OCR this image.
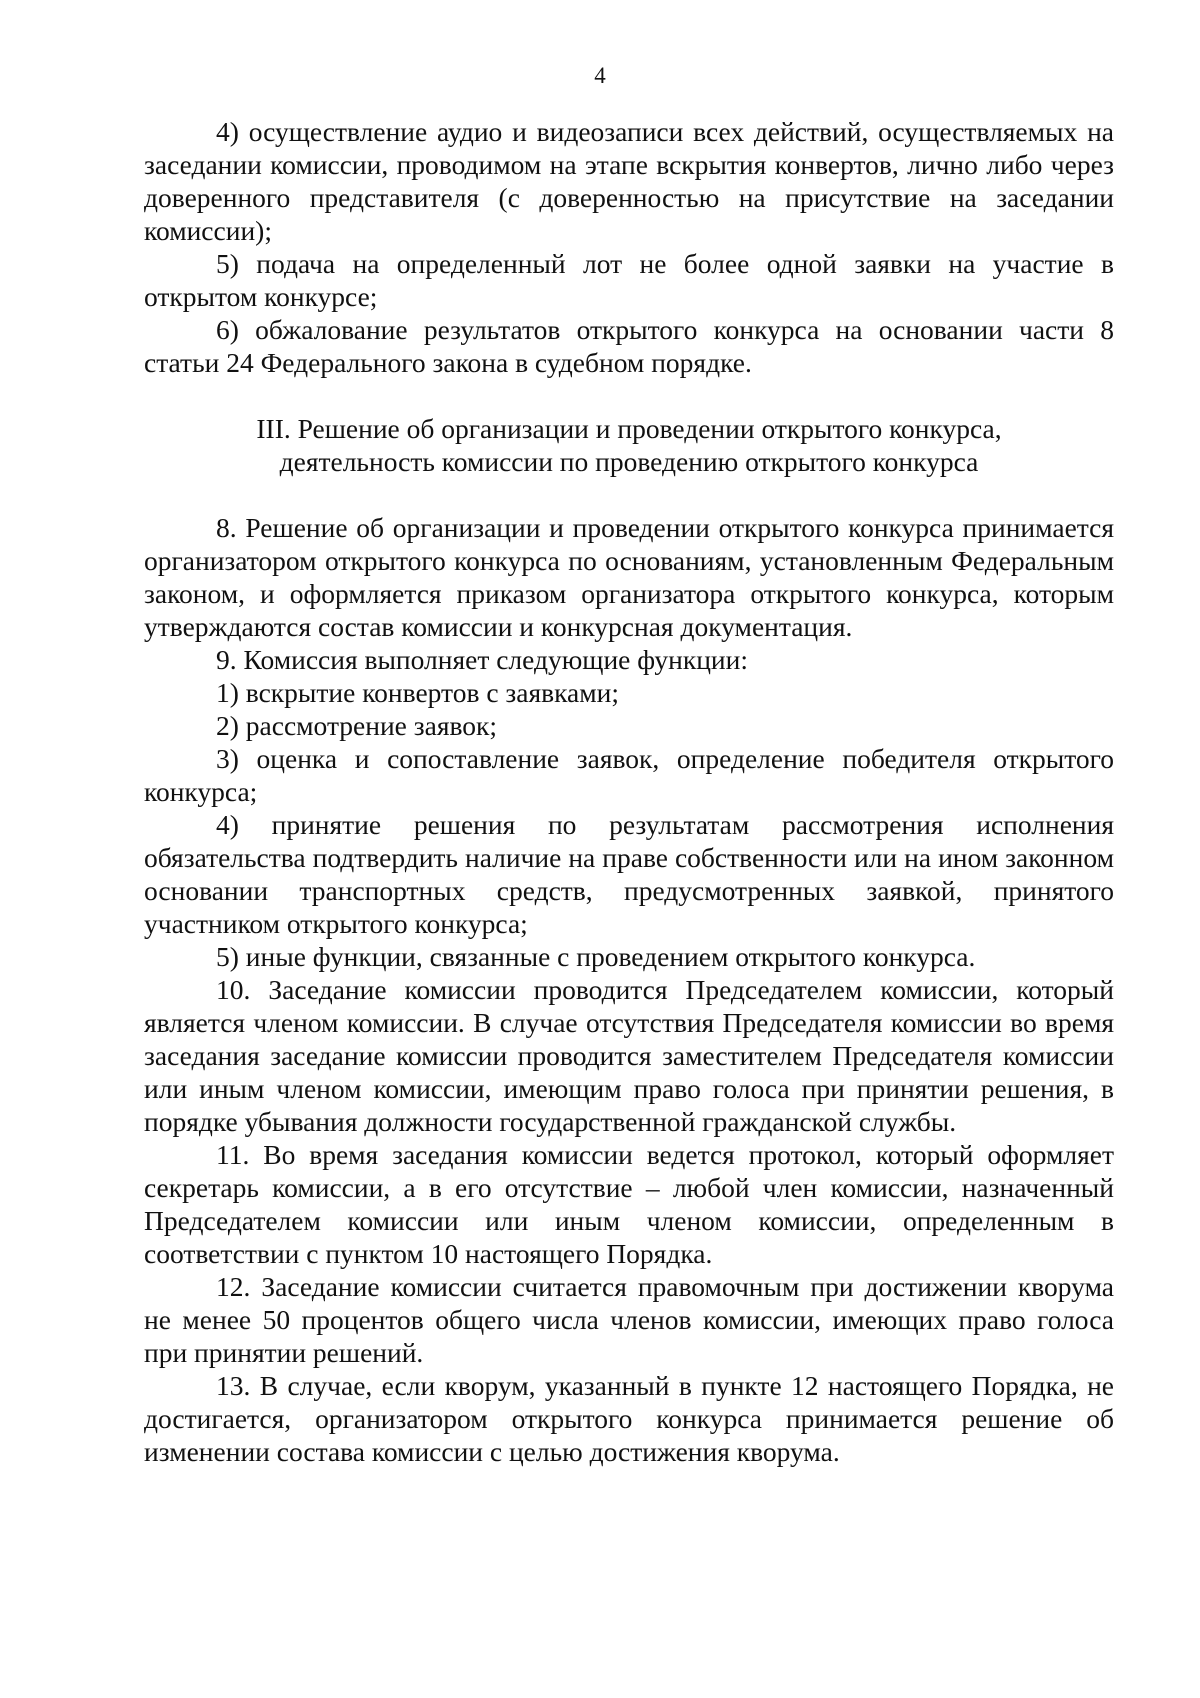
4

4) осуществление аудио и видеозаписи всех действий, осуществляемых на заседании комиссии, проводимом на этапе вскрытия конвертов, лично либо через доверенного представителя (с доверенностью на присутствие на заседании комиссии);

5) подача на определенный лот не более одной заявки на участие в открытом конкурсе;

6) обжалование результатов открытого конкурса на основании части 8 статьи 24 Федерального закона в судебном порядке.

III. Решение об организации и проведении открытого конкурса,
деятельность комиссии по проведению открытого конкурса

8. Решение об организации и проведении открытого конкурса принимается организатором открытого конкурса по основаниям, установленным Федеральным законом, и оформляется приказом организатора открытого конкурса, которым утверждаются состав комиссии и конкурсная документация.

9. Комиссия выполняет следующие функции:

1) вскрытие конвертов с заявками;

2) рассмотрение заявок;

3) оценка и сопоставление заявок, определение победителя открытого конкурса;

4) принятие решения по результатам рассмотрения исполнения обязательства подтвердить наличие на праве собственности или на ином законном основании транспортных средств, предусмотренных заявкой, принятого участником открытого конкурса;

5) иные функции, связанные с проведением открытого конкурса.

10. Заседание комиссии проводится Председателем комиссии, который является членом комиссии. В случае отсутствия Председателя комиссии во время заседания заседание комиссии проводится заместителем Председателя комиссии или иным членом комиссии, имеющим право голоса при принятии решения, в порядке убывания должности государственной гражданской службы.

11. Во время заседания комиссии ведется протокол, который оформляет секретарь комиссии, а в его отсутствие – любой член комиссии, назначенный Председателем комиссии или иным членом комиссии, определенным в соответствии с пунктом 10 настоящего Порядка.

12. Заседание комиссии считается правомочным при достижении кворума не менее 50 процентов общего числа членов комиссии, имеющих право голоса при принятии решений.

13. В случае, если кворум, указанный в пункте 12 настоящего Порядка, не достигается, организатором открытого конкурса принимается решение об изменении состава комиссии с целью достижения кворума.
